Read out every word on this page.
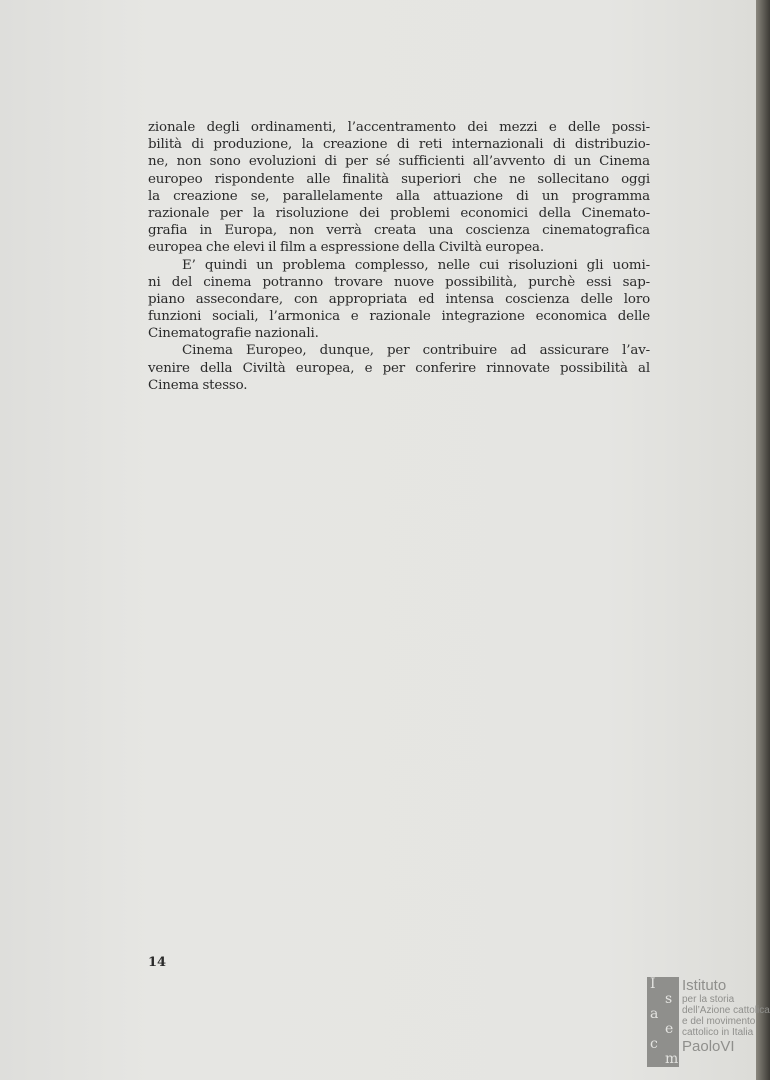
zionale degli ordinamenti, l’accentramento dei mezzi e delle possi-
bilità di produzione, la creazione di reti internazionali di distribuzio-
ne, non sono evoluzioni di per sé sufficienti all’avvento di un Cinema
europeo rispondente alle finalità superiori che ne sollecitano oggi
la creazione se, parallelamente alla attuazione di un programma
razionale per la risoluzione dei problemi economici della Cinemato-
grafia in Europa, non verrà creata una coscienza cinematografica
europea che elevi il film a espressione della Civiltà europea.
E’ quindi un problema complesso, nelle cui risoluzioni gli uomi-
ni del cinema potranno trovare nuove possibilità, purchè essi sap-
piano assecondare, con appropriata ed intensa coscienza delle loro
funzioni sociali, l’armonica e razionale integrazione economica delle
Cinematografie nazionali.
Cinema Europeo, dunque, per contribuire ad assicurare l’av-
venire della Civiltà europea, e per conferire rinnovate possibilità al
Cinema stesso.
14
I
s
a
e
c
m
Istituto
per la storia
dell’Azione cattolica
e del movimento
cattolico in Italia
PaoloVI
